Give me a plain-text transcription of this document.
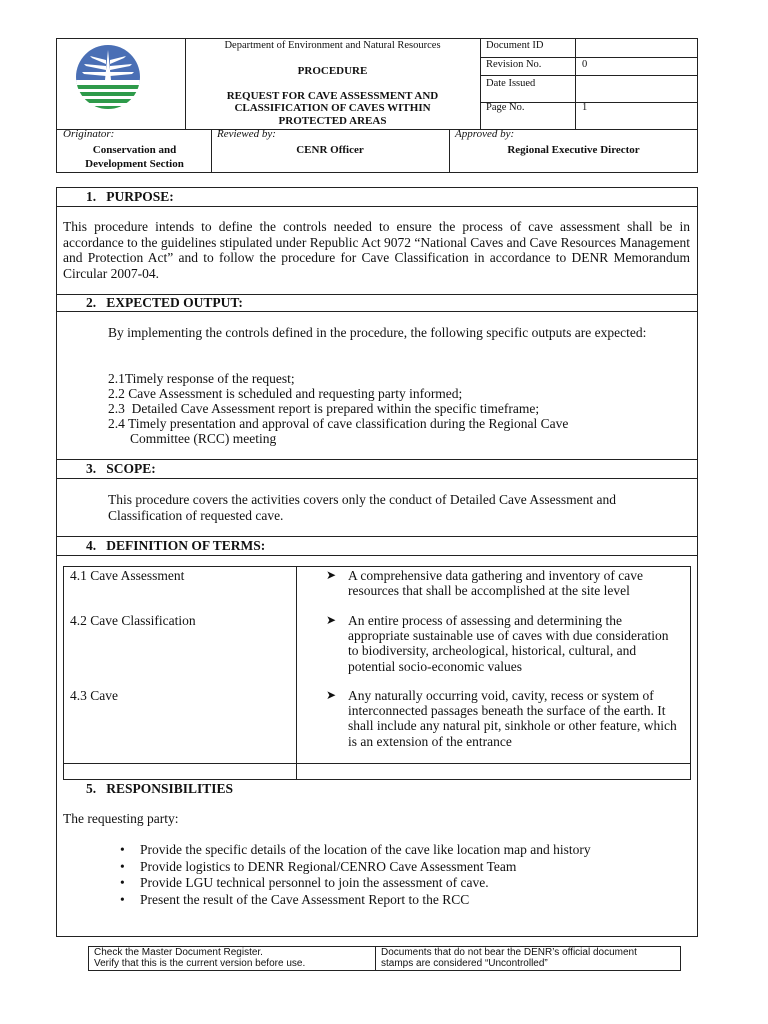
Department of Environment and Natural Resources
PROCEDURE
REQUEST FOR CAVE ASSESSMENT AND
CLASSIFICATION OF CAVES WITHIN
PROTECTED AREAS
Document ID
Revision No.	0
Date Issued
Page No.	1
Originator:
Conservation and
Development Section
Reviewed by:
CENR Officer
Approved by:
Regional Executive Director
1.   PURPOSE:
This procedure intends to define the controls needed to ensure the process of cave assessment shall be in accordance to the guidelines stipulated under Republic Act 9072 “National Caves and Cave Resources Management and Protection Act” and to follow the procedure for Cave Classification in accordance to DENR Memorandum Circular 2007-04.
2.   EXPECTED OUTPUT:
By implementing the controls defined in the procedure, the following specific outputs are expected:
2.1Timely response of the request;
2.2 Cave Assessment is scheduled and requesting party informed;
2.3  Detailed Cave Assessment report is prepared within the specific timeframe;
2.4 Timely presentation and approval of cave classification during the Regional Cave
Committee (RCC) meeting
3.   SCOPE:
This procedure covers the activities covers only the conduct of Detailed Cave Assessment and Classification of requested cave.
4.   DEFINITION OF TERMS:
4.1 Cave Assessment	➤ A comprehensive data gathering and inventory of cave resources that shall be accomplished at the site level
4.2 Cave Classification	➤ An entire process of assessing and determining the appropriate sustainable use of caves with due consideration to biodiversity, archeological, historical, cultural, and potential socio-economic values
4.3 Cave	➤ Any naturally occurring void, cavity, recess or system of interconnected passages beneath the surface of the earth. It shall include any natural pit, sinkhole or other feature, which is an extension of the entrance
5.   RESPONSIBILITIES
The requesting party:
• Provide the specific details of the location of the cave like location map and history
• Provide logistics to DENR Regional/CENRO Cave Assessment Team
• Provide LGU technical personnel to join the assessment of cave.
• Present the result of the Cave Assessment Report to the RCC
Check the Master Document Register.
Verify that this is the current version before use.
Documents that do not bear the DENR’s official document
stamps are considered “Uncontrolled”
